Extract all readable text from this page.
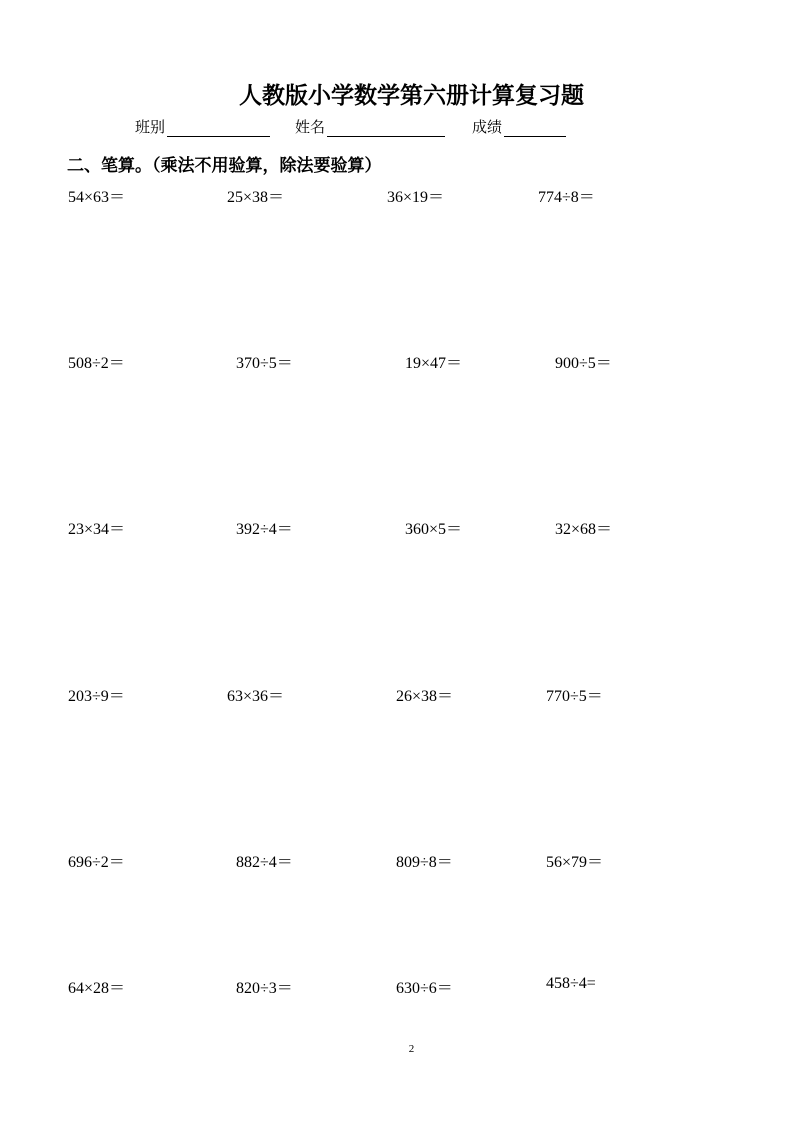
人教版小学数学第六册计算复习题
班别	姓名	成绩
二、笔算。（乘法不用验算，除法要验算）
54×63＝	25×38＝	36×19＝	774÷8＝
508÷2＝	370÷5＝	19×47＝	900÷5＝
23×34＝	392÷4＝	360×5＝	32×68＝
203÷9＝	63×36＝	26×38＝	770÷5＝
696÷2＝	882÷4＝	809÷8＝	56×79＝
64×28＝	820÷3＝	630÷6＝	458÷4=
2
